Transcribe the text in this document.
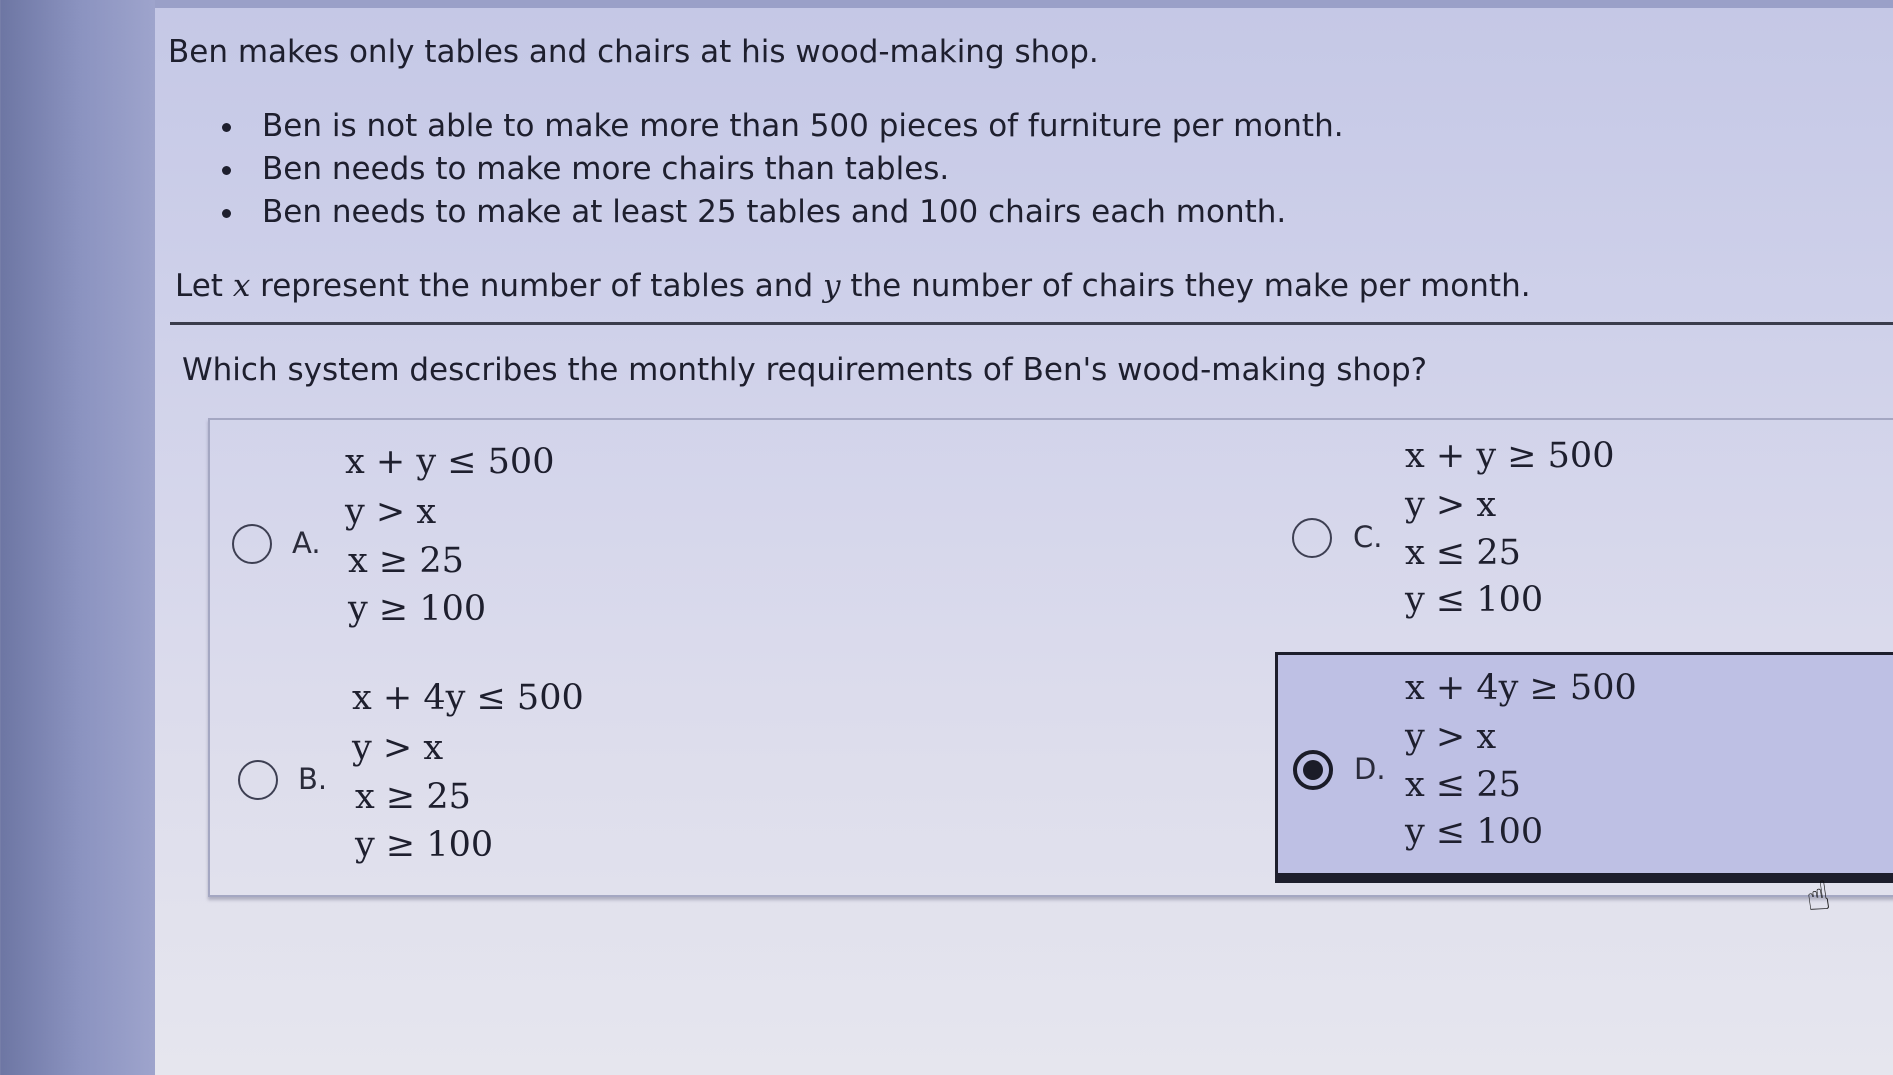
Ben makes only tables and chairs at his wood-making shop.
Ben is not able to make more than 500 pieces of furniture per month.
Ben needs to make more chairs than tables.
Ben needs to make at least 25 tables and 100 chairs each month.
Let x represent the number of tables and y the number of chairs they make per month.
Which system describes the monthly requirements of Ben's wood-making shop?
A.
x + y ≤ 500
y > x
x ≥ 25
y ≥ 100
B.
x + 4y ≤ 500
y > x
x ≥ 25
y ≥ 100
C.
x + y ≥ 500
y > x
x ≤ 25
y ≤ 100
D.
x + 4y ≥ 500
y > x
x ≤ 25
y ≤ 100
☝
